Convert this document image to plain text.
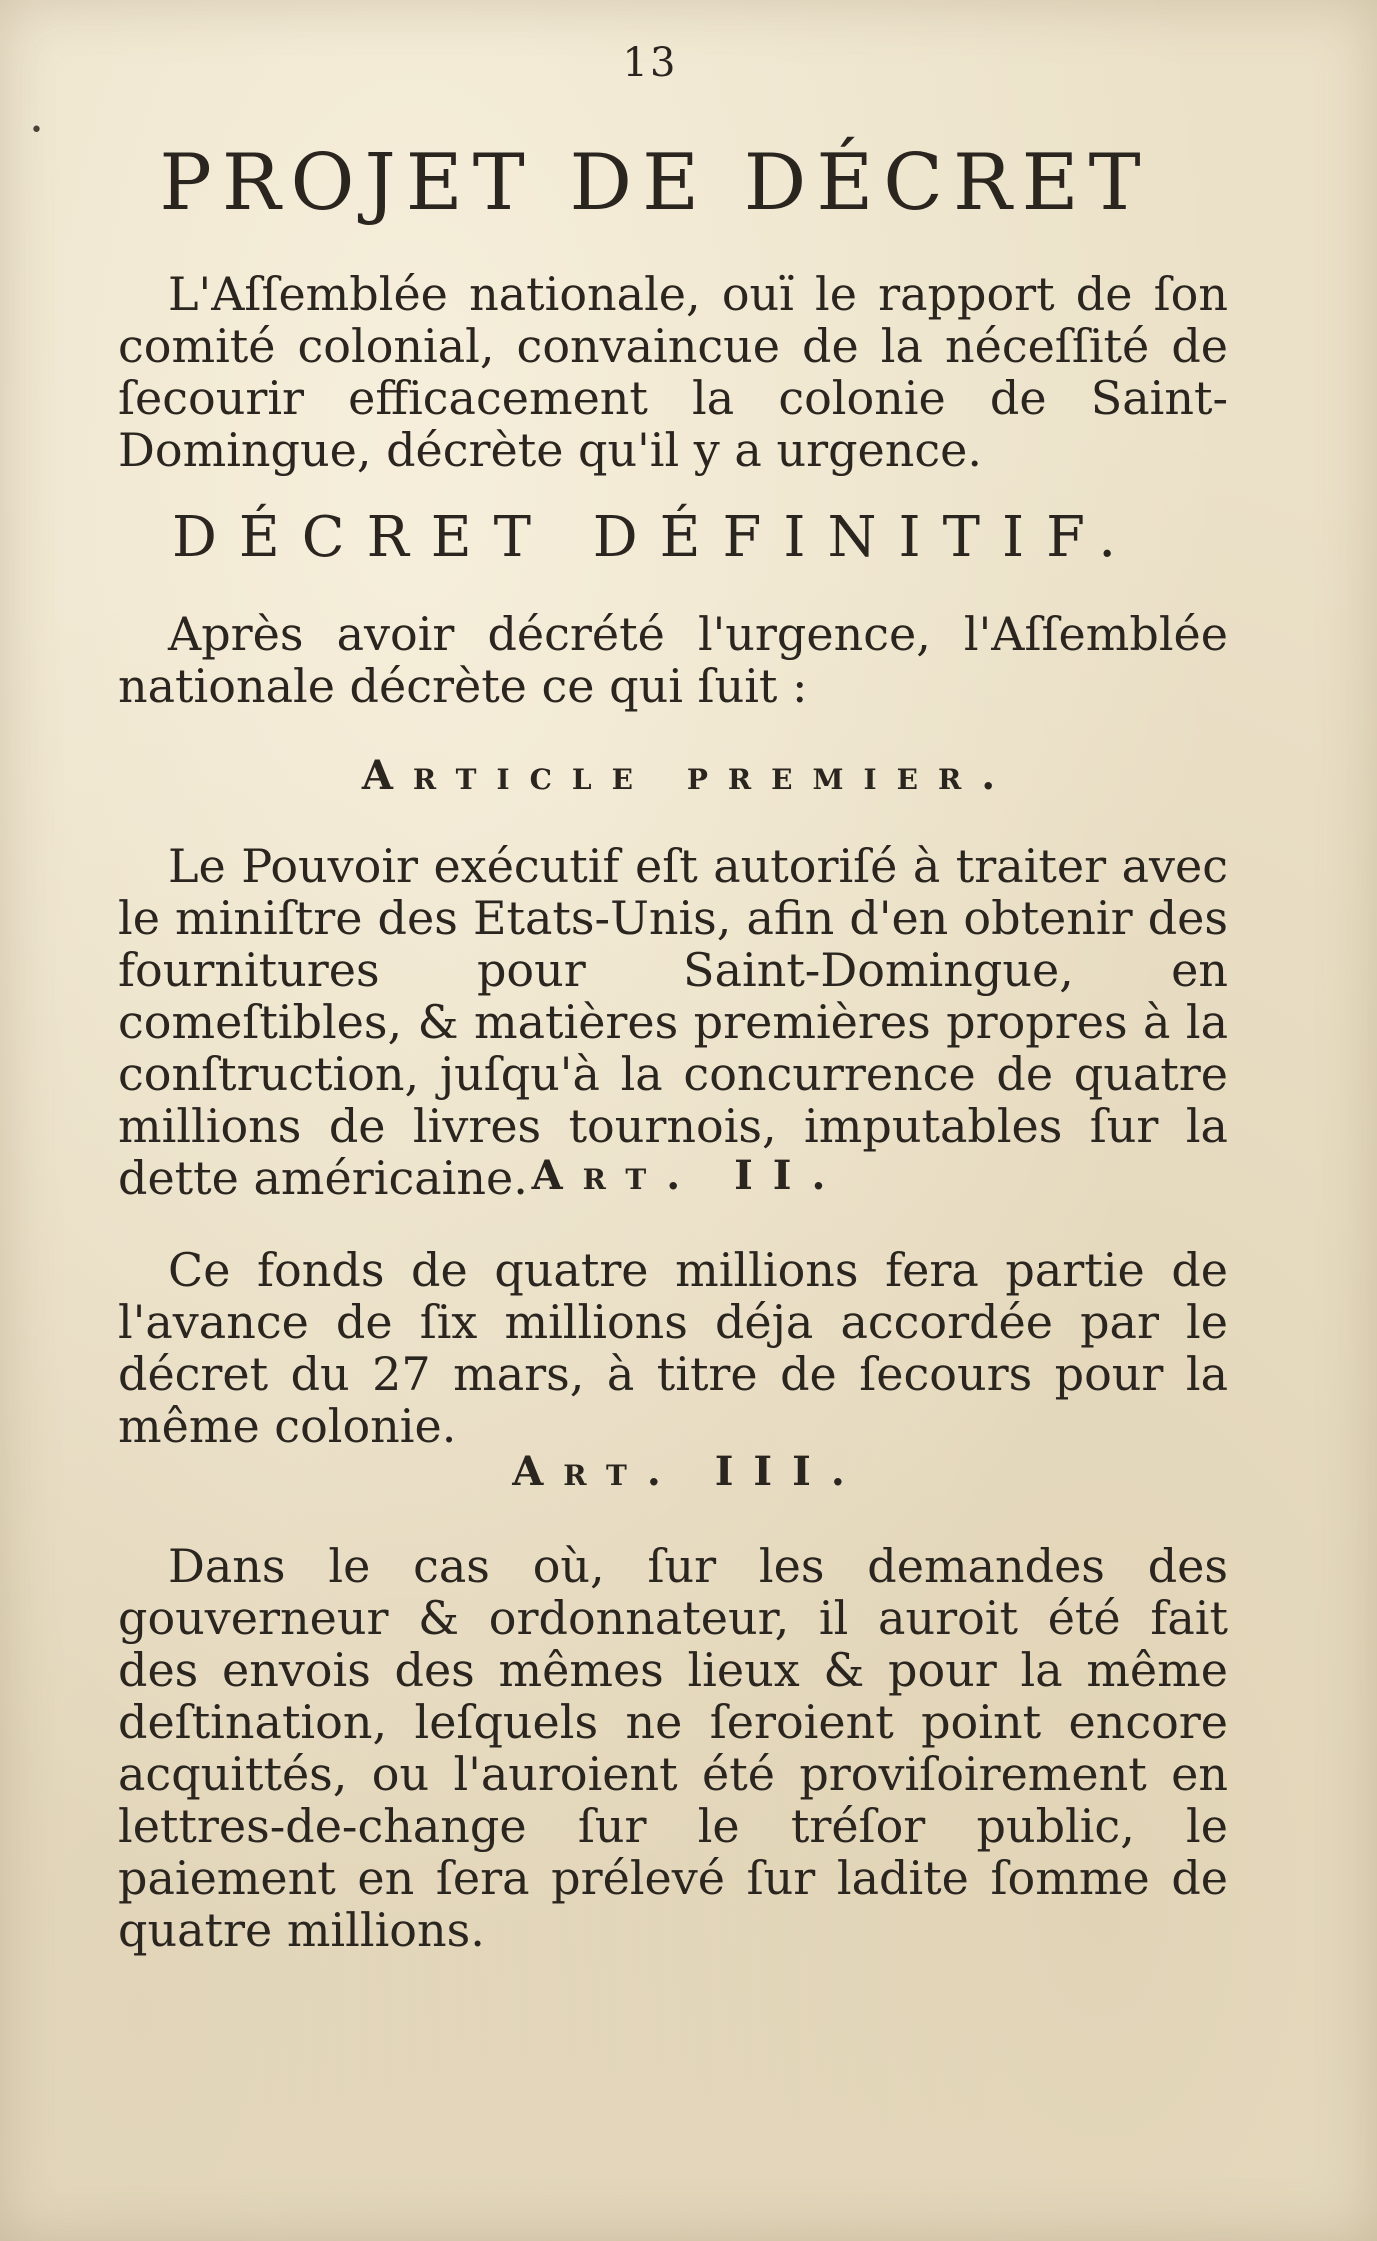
13
•
PROJET DE DÉCRET

L'Aſſemblée nationale, ouï le rapport de ſon comité colonial, convaincue de la néceſſité de ſecourir efficacement la colonie de Saint-Domingue, décrète qu'il y a urgence.

DÉCRET DÉFINITIF.

Après avoir décrété l'urgence, l'Aſſemblée nationale décrète ce qui ſuit :

Article premier.

Le Pouvoir exécutif eſt autoriſé à traiter avec le miniſtre des Etats-Unis, afin d'en obtenir des fournitures pour Saint-Domingue, en comeſtibles, & matières premières propres à la conſtruction, juſqu'à la concurrence de quatre millions de livres tournois, imputables ſur la dette américaine. Art. II.

Ce fonds de quatre millions fera partie de l'avance de ſix millions déja accordée par le décret du 27 mars, à titre de ſecours pour la même colonie.

Art. III.

Dans le cas où, ſur les demandes des gouverneur & ordonnateur, il auroit été fait des envois des mêmes lieux & pour la même deſtination, leſquels ne ſeroient point encore acquittés, ou l'auroient été proviſoirement en lettres-de-change ſur le tréſor public, le paiement en ſera prélevé ſur ladite ſomme de quatre millions.
